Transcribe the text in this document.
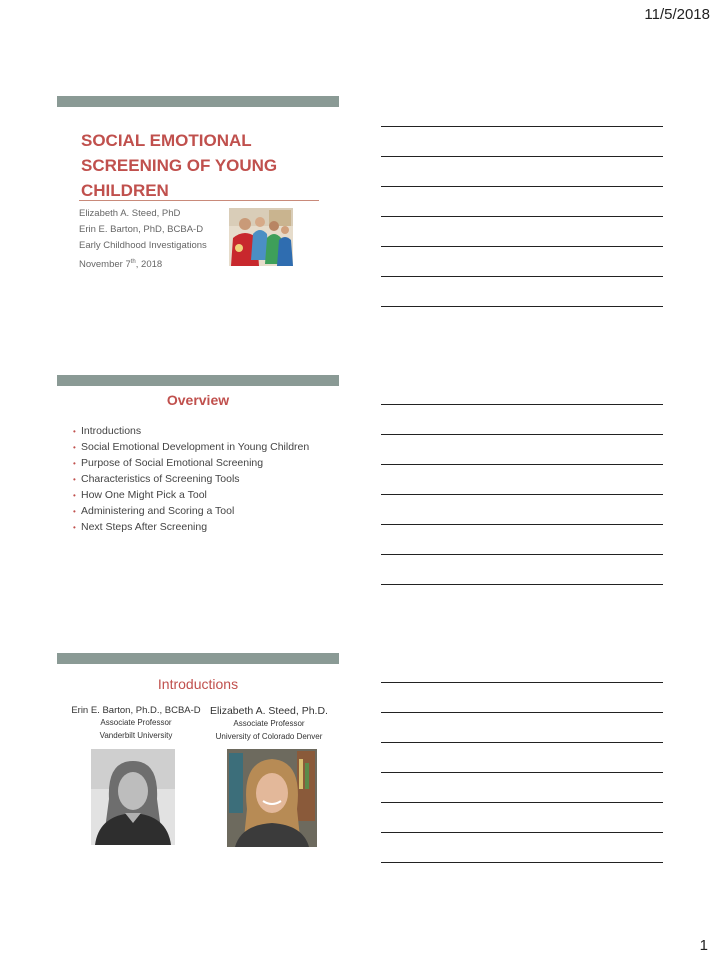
11/5/2018
SOCIAL EMOTIONAL SCREENING OF YOUNG CHILDREN
Elizabeth A. Steed, PhD
Erin E. Barton, PhD, BCBA-D
Early Childhood Investigations
November 7th, 2018
Overview
• Introductions
• Social Emotional Development in Young Children
• Purpose of Social Emotional Screening
• Characteristics of Screening Tools
• How One Might Pick a Tool
• Administering and Scoring a Tool
• Next Steps After Screening
Introductions
Erin E. Barton, Ph.D., BCBA-D
Associate Professor
Vanderbilt University
Elizabeth A. Steed, Ph.D.
Associate Professor
University of Colorado Denver
1
